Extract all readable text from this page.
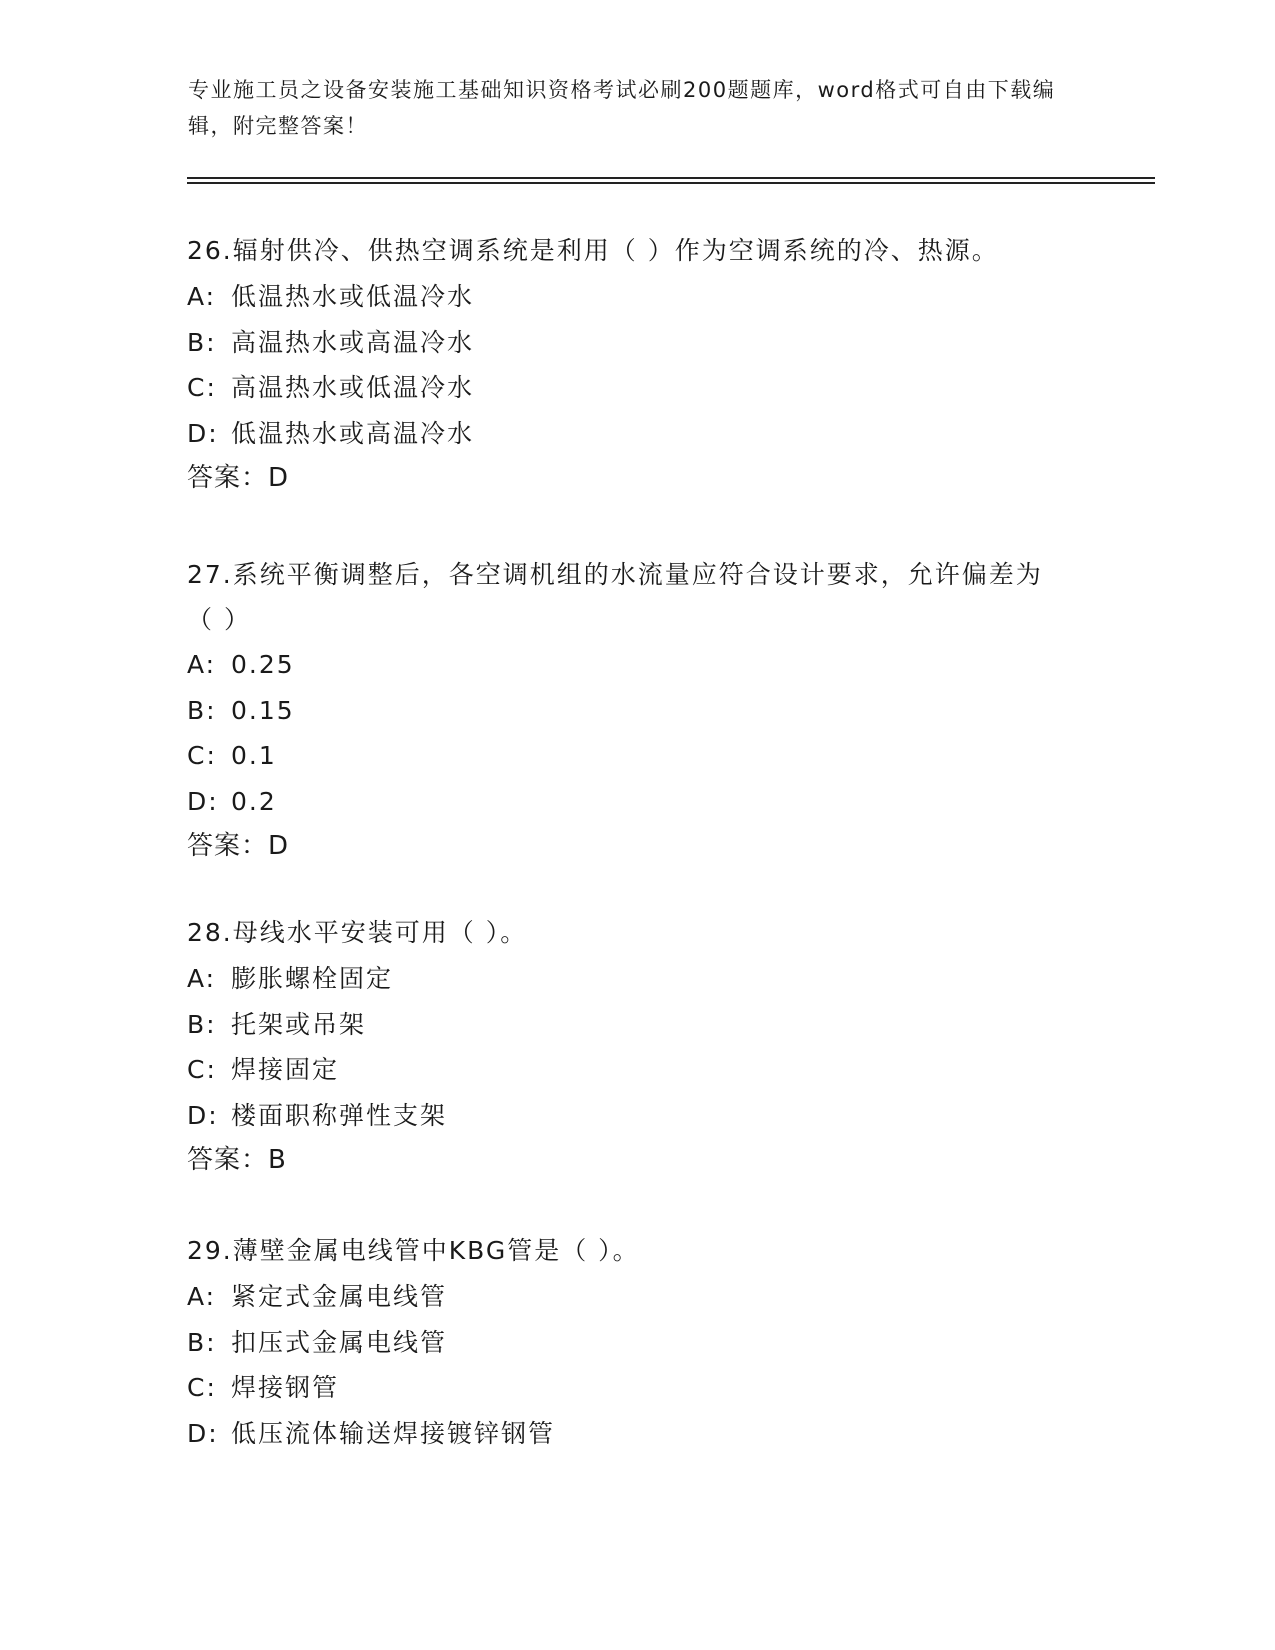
专业施工员之设备安装施工基础知识资格考试必刷200题题库，word格式可自由下载编辑，附完整答案！
26.辐射供冷、供热空调系统是利用（ ）作为空调系统的冷、热源。
A: 低温热水或低温冷水
B: 高温热水或高温冷水
C: 高温热水或低温冷水
D: 低温热水或高温冷水
答案：D
27.系统平衡调整后，各空调机组的水流量应符合设计要求，允许偏差为（ ）
A: 0.25
B: 0.15
C: 0.1
D: 0.2
答案：D
28.母线水平安装可用（ ）。
A: 膨胀螺栓固定
B: 托架或吊架
C: 焊接固定
D: 楼面职称弹性支架
答案：B
29.薄壁金属电线管中KBG管是（ ）。
A: 紧定式金属电线管
B: 扣压式金属电线管
C: 焊接钢管
D: 低压流体输送焊接镀锌钢管
